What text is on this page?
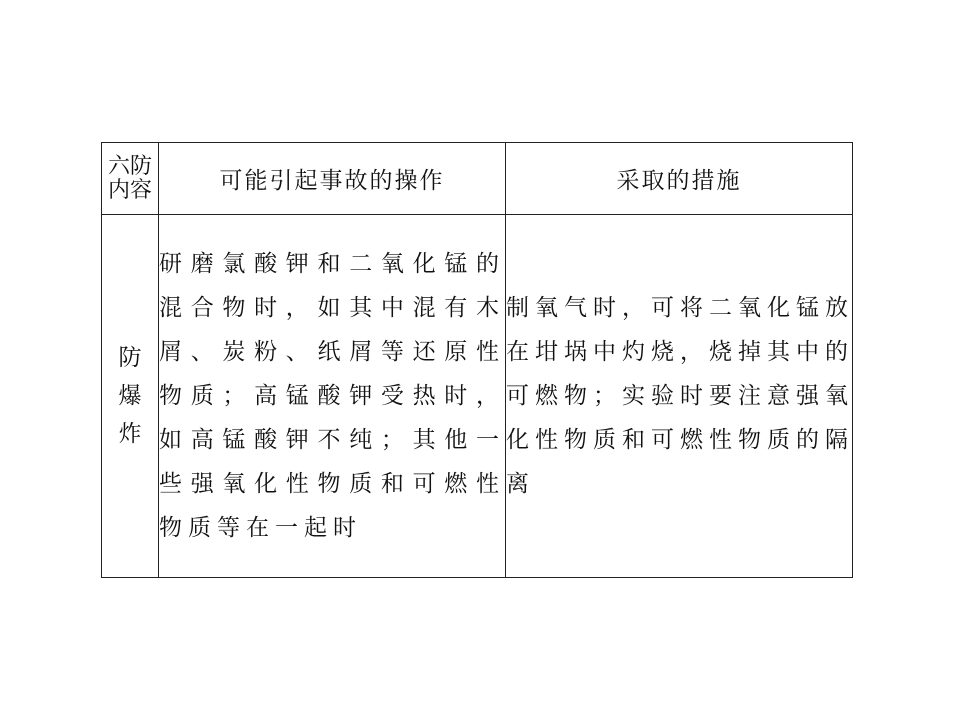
六防内容	可能引起事故的操作	采取的措施
防爆炸	研磨氯酸钾和二氧化锰的混合物时，如其中混有木屑、炭粉、纸屑等还原性物质；高锰酸钾受热时，如高锰酸钾不纯；其他一些强氧化性物质和可燃性物质等在一起时	制氧气时，可将二氧化锰放在坩埚中灼烧，烧掉其中的可燃物；实验时要注意强氧化性物质和可燃性物质的隔离
